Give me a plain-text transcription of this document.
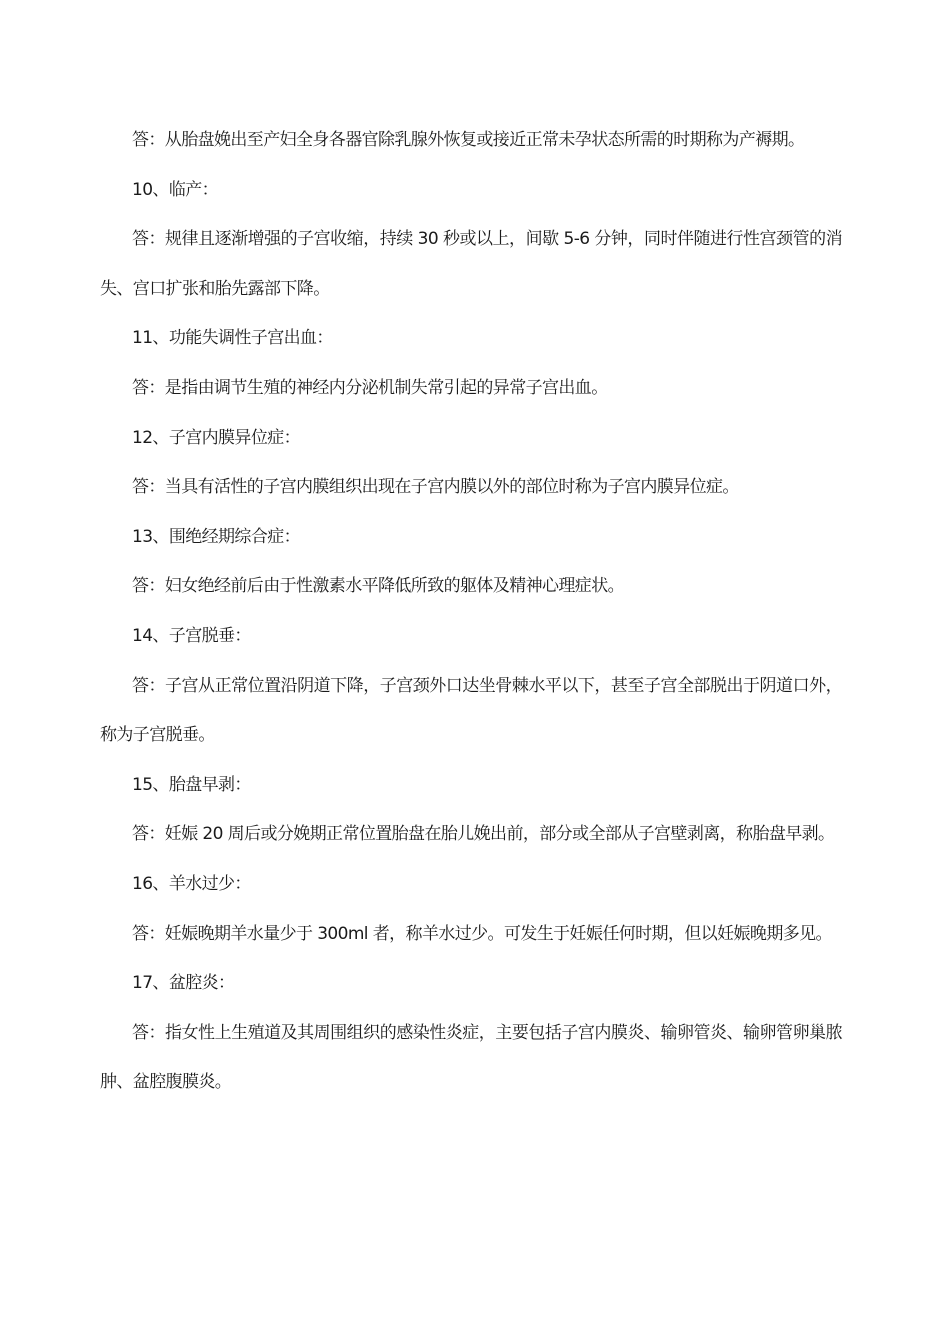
答：从胎盘娩出至产妇全身各器官除乳腺外恢复或接近正常未孕状态所需的时期称为产褥期。

10、临产：

答：规律且逐渐增强的子宫收缩，持续 30 秒或以上，间歇 5-6 分钟，同时伴随进行性宫颈管的消失、宫口扩张和胎先露部下降。

11、功能失调性子宫出血：

答：是指由调节生殖的神经内分泌机制失常引起的异常子宫出血。

12、子宫内膜异位症：

答：当具有活性的子宫内膜组织出现在子宫内膜以外的部位时称为子宫内膜异位症。

13、围绝经期综合症：

答：妇女绝经前后由于性激素水平降低所致的躯体及精神心理症状。

14、子宫脱垂：

答：子宫从正常位置沿阴道下降，子宫颈外口达坐骨棘水平以下，甚至子宫全部脱出于阴道口外，称为子宫脱垂。

15、胎盘早剥：

答：妊娠 20 周后或分娩期正常位置胎盘在胎儿娩出前，部分或全部从子宫壁剥离，称胎盘早剥。

16、羊水过少：

答：妊娠晚期羊水量少于 300ml 者，称羊水过少。可发生于妊娠任何时期，但以妊娠晚期多见。

17、盆腔炎：

答：指女性上生殖道及其周围组织的感染性炎症，主要包括子宫内膜炎、输卵管炎、输卵管卵巢脓肿、盆腔腹膜炎。
